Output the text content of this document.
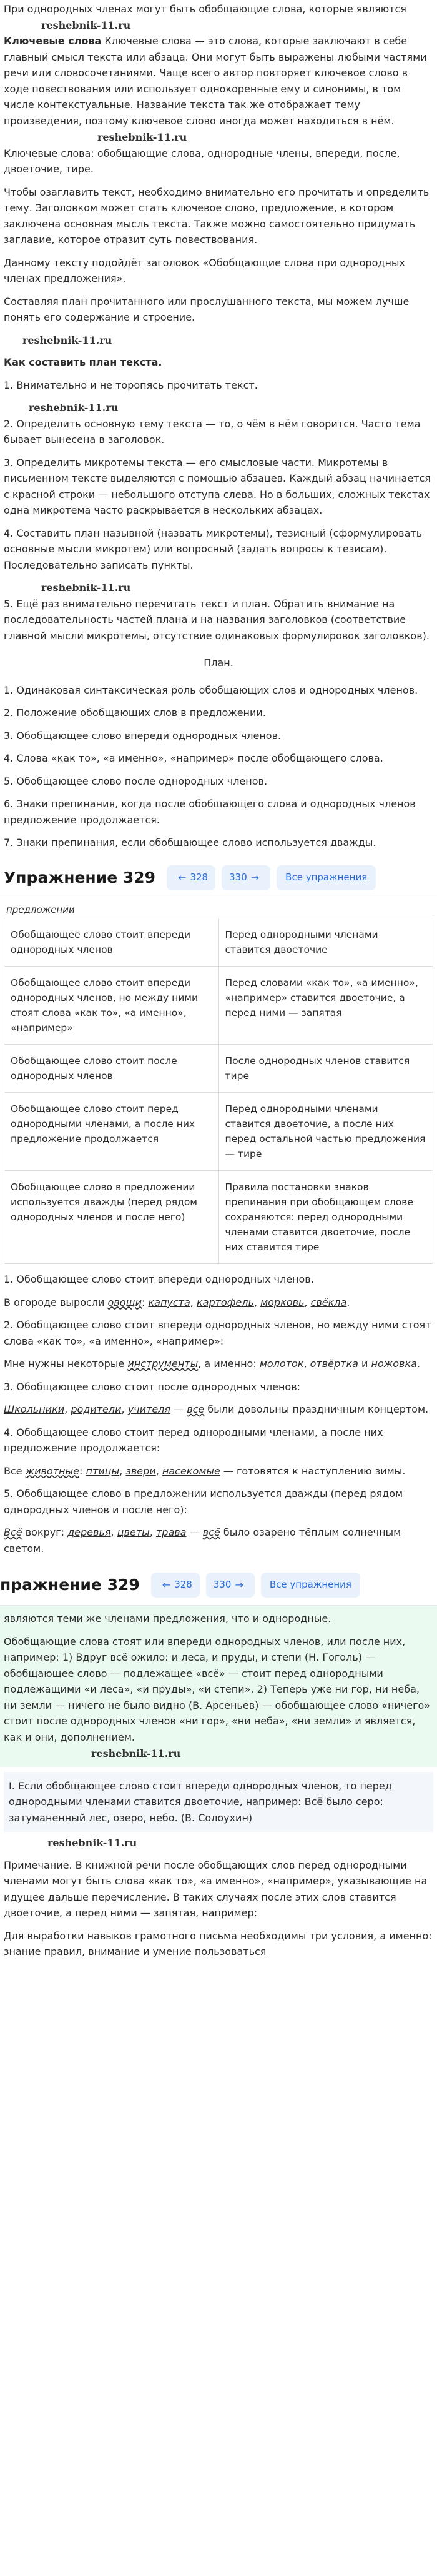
При однородных членах могут быть обобщающие слова, которые являются

reshebnik-11.ru

Ключевые слова Ключевые слова — это слова, которые заключают в себе главный смысл текста или абзаца. Они могут быть выражены любыми частями речи или словосочетаниями. Чаще всего автор повторяет ключевое слово в ходе повествования или использует однокоренные ему и синонимы, в том числе контекстуальные. Название текста так же отображает тему произведения, поэтому ключевое слово иногда может находиться в нём.

reshebnik-11.ru

Ключевые слова: обобщающие слова, однородные члены, впереди, после, двоеточие, тире.

Чтобы озаглавить текст, необходимо внимательно его прочитать и определить тему. Заголовком может стать ключевое слово, предложение, в котором заключена основная мысль текста. Также можно самостоятельно придумать заглавие, которое отразит суть повествования.

Данному тексту подойдёт заголовок «Обобщающие слова при однородных членах предложения».

Составляя план прочитанного или прослушанного текста, мы можем лучше понять его содержание и строение.

reshebnik-11.ru

Как составить план текста.

1. Внимательно и не торопясь прочитать текст.

reshebnik-11.ru

2. Определить основную тему текста — то, о чём в нём говорится. Часто тема бывает вынесена в заголовок.

3. Определить микротемы текста — его смысловые части. Микротемы в письменном тексте выделяются с помощью абзацев. Каждый абзац начинается с красной строки — небольшого отступа слева. Но в больших, сложных текстах одна микротема часто раскрывается в нескольких абзацах.

4. Составить план назывной (назвать микротемы), тезисный (сформулировать основные мысли микротем) или вопросный (задать вопросы к тезисам). Последовательно записать пункты.

reshebnik-11.ru

5. Ещё раз внимательно перечитать текст и план. Обратить внимание на последовательность частей плана и на названия заголовков (соответствие главной мысли микротемы, отсутствие одинаковых формулировок заголовков).

План.

1. Одинаковая синтаксическая роль обобщающих слов и однородных членов.

2. Положение обобщающих слов в предложении.

3. Обобщающее слово впереди однородных членов.

4. Слова «как то», «а именно», «например» после обобщающего слова.

5. Обобщающее слово после однородных членов.

6. Знаки препинания, когда после обобщающего слова и однородных членов предложение продолжается.

7. Знаки препинания, если обобщающее слово используется дважды.

Упражнение 329 ← 328 330 →	Все упражнения
предложении
Обобщающее слово стоит впереди однородных членов	Перед однородными членами ставится двоеточие
Обобщающее слово стоит впереди однородных членов, но между ними стоят слова «как то», «а именно», «например»	Перед словами «как то», «а именно», «например» ставится двоеточие, а перед ними — запятая
Обобщающее слово стоит после однородных членов	После однородных членов ставится тире
Обобщающее слово стоит перед однородными членами, а после них предложение продолжается	Перед однородными членами ставится двоеточие, а после них перед остальной частью предложения — тире
Обобщающее слово в предложении используется дважды (перед рядом однородных членов и после него)	Правила постановки знаков препинания при обобщающем слове сохраняются: перед однородными членами ставится двоеточие, после них ставится тире

1. Обобщающее слово стоит впереди однородных членов.

В огороде выросли овощи: капуста, картофель, морковь, свёкла.

2. Обобщающее слово стоит впереди однородных членов, но между ними стоят слова «как то», «а именно», «например»:

Мне нужны некоторые инструменты, а именно: молоток, отвёртка и ножовка.

3. Обобщающее слово стоит после однородных членов:

Школьники, родители, учителя — все были довольны праздничным концертом.

4. Обобщающее слово стоит перед однородными членами, а после них предложение продолжается:

Все животные: птицы, звери, насекомые — готовятся к наступлению зимы.

5. Обобщающее слово в предложении используется дважды (перед рядом однородных членов и после него):

Всё вокруг: деревья, цветы, трава — всё было озарено тёплым солнечным светом.

пражнение 329 ← 328 330 →	Все упражнения

являются теми же членами предложения, что и однородные.

Обобщающие слова стоят или впереди однородных членов, или после них, например: 1) Вдруг всё ожило: и леса, и пруды, и степи (Н. Гоголь) — обобщающее слово — подлежащее «всё» — стоит перед однородными подлежащими «и леса», «и пруды», «и степи». 2) Теперь уже ни гор, ни неба, ни земли — ничего не было видно (В. Арсеньев) — обобщающее слово «ничего» стоит после однородных членов «ни гор», «ни неба», «ни земли» и является, как и они, дополнением.

reshebnik-11.ru

I. Если обобщающее слово стоит впереди однородных членов, то перед однородными членами ставится двоеточие, например: Всё было серо: затуманенный лес, озеро, небо. (В. Солоухин)

reshebnik-11.ru

Примечание. В книжной речи после обобщающих слов перед однородными членами могут быть слова «как то», «а именно», «например», указывающие на идущее дальше перечисление. В таких случаях после этих слов ставится двоеточие, а перед ними — запятая, например:

Для выработки навыков грамотного письма необходимы три условия, а именно: знание правил, внимание и умение пользоваться
